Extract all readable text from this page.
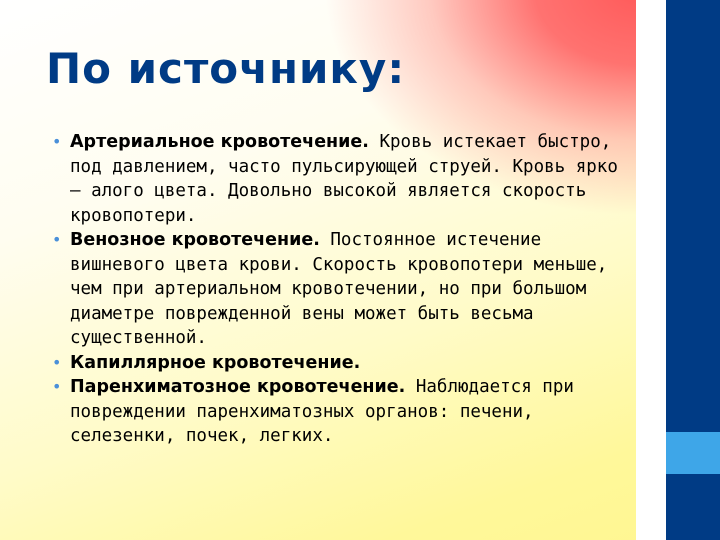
По источнику:
• Артериальное кровотечение. Кровь истекает быстро, под давлением, часто пульсирующей струей. Кровь ярко – алого цвета. Довольно высокой является скорость кровопотери.
• Венозное кровотечение. Постоянное истечение вишневого цвета крови. Скорость кровопотери меньше, чем при артериальном кровотечении, но при большом диаметре поврежденной вены может быть весьма существенной.
• Капиллярное кровотечение.
• Паренхиматозное кровотечение. Наблюдается при повреждении паренхиматозных органов: печени, селезенки, почек, легких.
